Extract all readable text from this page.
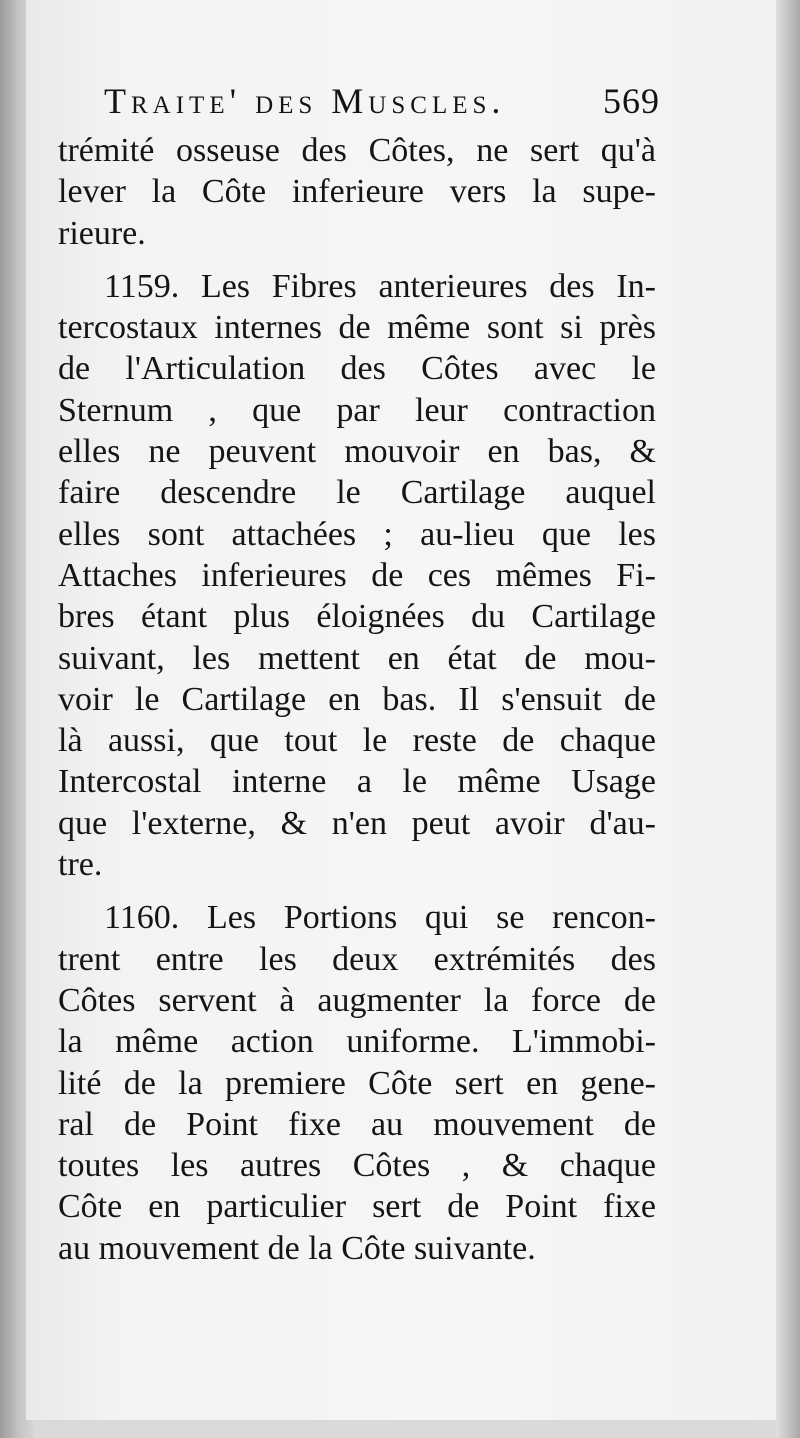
Traite' des Muscles.	569
trémité osseuse des Côtes, ne sert qu'à
lever la Côte inferieure vers la supe-
rieure.
1159. Les Fibres anterieures des In-
tercostaux internes de même sont si près
de l'Articulation des Côtes avec le
Sternum , que par leur contraction
elles ne peuvent mouvoir en bas, &
faire descendre le Cartilage auquel
elles sont attachées ; au-lieu que les
Attaches inferieures de ces mêmes Fi-
bres étant plus éloignées du Cartilage
suivant, les mettent en état de mou-
voir le Cartilage en bas. Il s'ensuit de
là aussi, que tout le reste de chaque
Intercostal interne a le même Usage
que l'externe, & n'en peut avoir d'au-
tre.
1160. Les Portions qui se rencon-
trent entre les deux extrémités des
Côtes servent à augmenter la force de
la même action uniforme. L'immobi-
lité de la premiere Côte sert en gene-
ral de Point fixe au mouvement de
toutes les autres Côtes , & chaque
Côte en particulier sert de Point fixe
au mouvement de la Côte suivante.
